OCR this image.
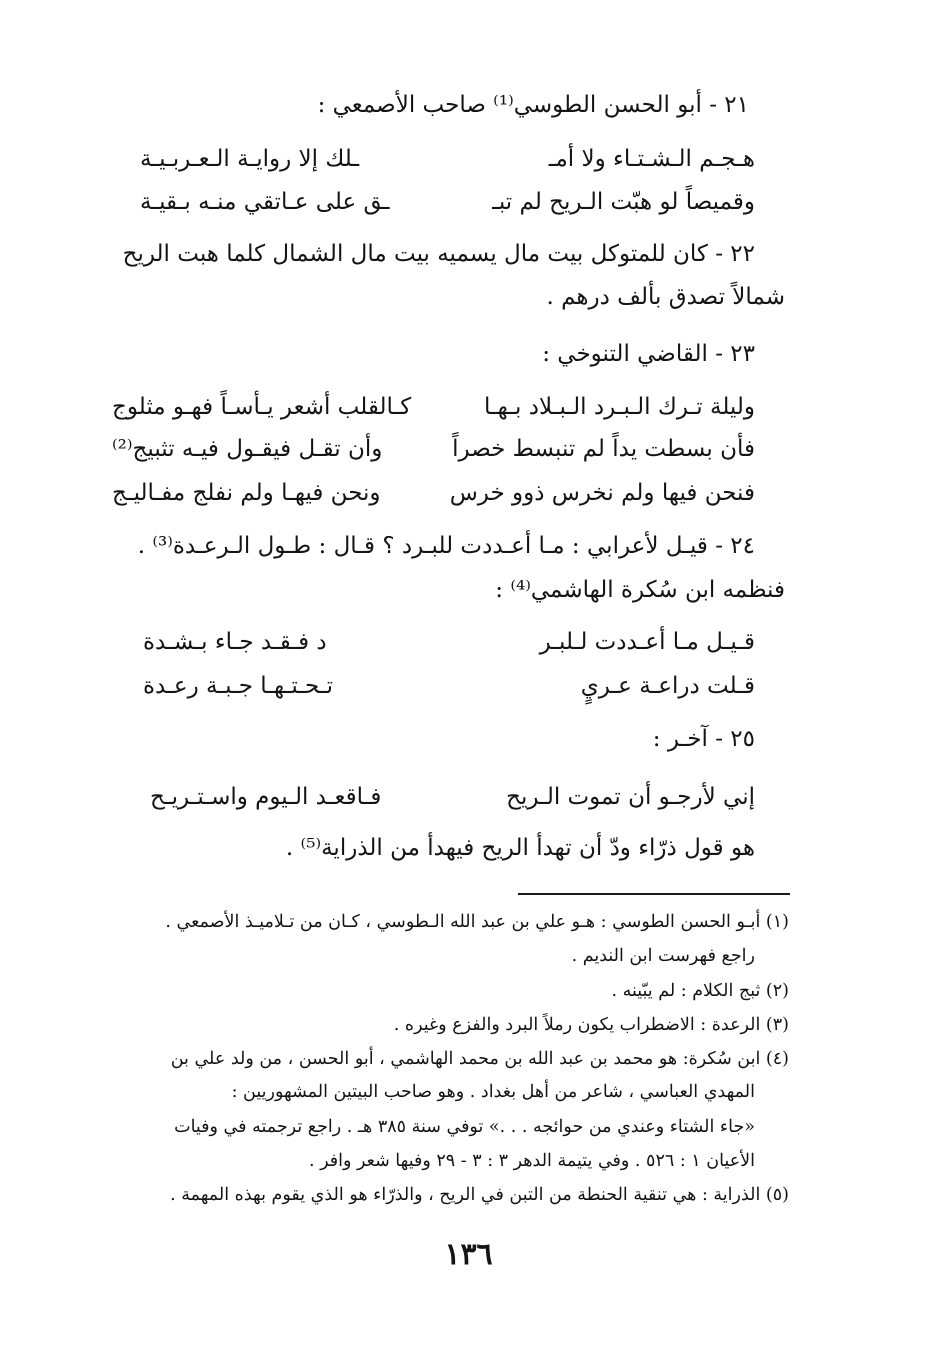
٢١ - أبو الحسن الطوسي⁽¹⁾ صاحب الأصمعي :
هـجـم الـشـتـاء ولا أمـ
ـلك إلا روايـة الـعـربـيـة
وقميصاً لو هبّت الـريح لم تبـ
ـق على عـاتقي منـه بـقيـة
٢٢ - كان للمتوكل بيت مال يسميه بيت مال الشمال كلما هبت الريح
شمالاً تصدق بألف درهم .
٢٣ - القاضي التنوخي :
وليلة تـرك الـبـرد الـبـلاد بـهـا
كـالقلب أشعر يـأسـاً فهـو مثلوج
فأن بسطت يداً لم تنبسط خصراً
وأن تقـل فيقـول فيـه تثبيج⁽²⁾
فنحن فيها ولم نخرس ذوو خرس
ونحن فيهـا ولم نفلج مفـاليـج
٢٤ - قيـل لأعرابي : مـا أعـددت للبـرد ؟ قـال : طـول الـرعـدة⁽³⁾ .
فنظمه ابن سُكرة الهاشمي⁽⁴⁾ :
قـيـل مـا أعـددت لـلبـر
د فـقـد جـاء بـشـدة
قـلت دراعـة عـريٍ
تـحـتـهـا جـبـة رعـدة
٢٥ - آخـر :
إني لأرجـو أن تموت الـريح
فـاقعـد الـيوم واسـتـريـح
هو قول ذرّاء ودّ أن تهدأ الريح فيهدأ من الذراية⁽⁵⁾ .
(١) أبـو الحسن الطوسي : هـو علي بن عبد الله الـطوسي ، كـان من تـلاميـذ الأصمعي .
راجع فهرست ابن النديم .
(٢) ثبج الكلام : لم يبّينه .
(٣) الرعدة : الاضطراب يكون رملاً البرد والفزع وغيره .
(٤) ابن سُكرة: هو محمد بن عبد الله بن محمد الهاشمي ، أبو الحسن ، من ولد علي بن
المهدي العباسي ، شاعر من أهل بغداد . وهو صاحب البيتين المشهوريين :
«جاء الشتاء وعندي من حوائجه . . .» توفي سنة ٣٨٥ هـ . راجع ترجمته في وفيات
الأعيان ١ : ٥٢٦ . وفي يتيمة الدهر ٣ : ٣ - ٢٩ وفيها شعر وافر .
(٥) الذراية : هي تنقية الحنطة من التبن في الريح ، والذرّاء هو الذي يقوم بهذه المهمة .
١٣٦
